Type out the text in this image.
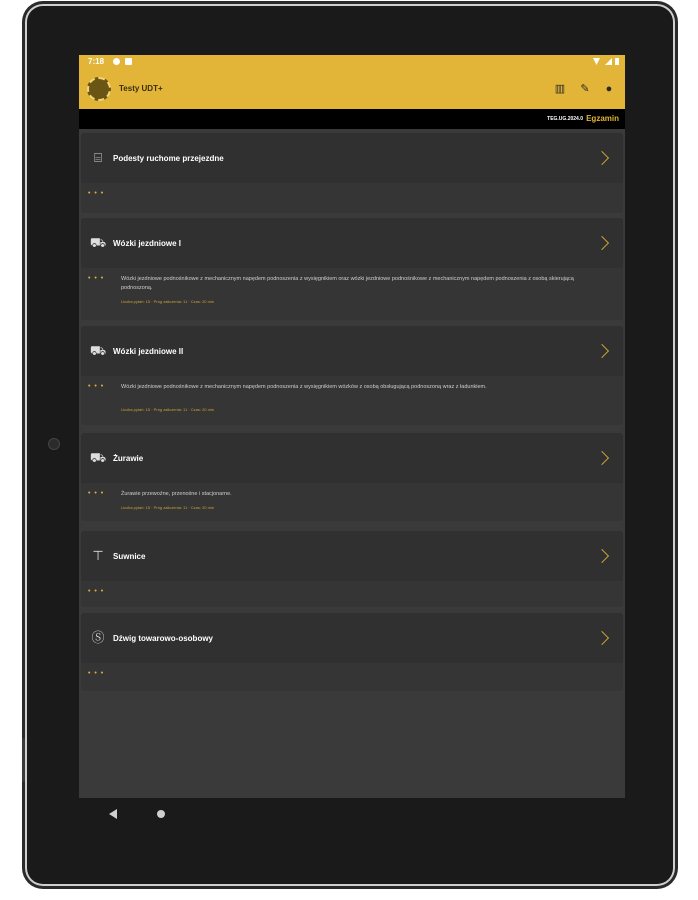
7:18
Testy UDT+	▥ ✎	●
TEG.UG.2024.0 Egzamin
⌸	Podesty ruchome przejezdne
• • •
⛟ Wózki jezdniowe I
• • •	Wózki jezdniowe podnośnikowe z mechanicznym napędem podnoszenia z wysięgnikiem oraz wózki jezdniowe podnośnikowe z mechanicznym napędem podnoszenia z osobą skierującą podnoszoną.
Liczba pytań: 15 · Próg zaliczenia: 11 · Czas: 20 min
⛟ Wózki jezdniowe II
• • •	Wózki jezdniowe podnośnikowe z mechanicznym napędem podnoszenia z wysięgnikiem wózków z osobą obsługującą podnoszoną wraz z ładunkiem.
Liczba pytań: 15 · Próg zaliczenia: 11 · Czas: 20 min
⛟ Żurawie
• • •	Żurawie przewoźne, przenośne i stacjonarne.
Liczba pytań: 15 · Próg zaliczenia: 11 · Czas: 20 min
⊤	Suwnice
• • •
Ⓢ	Dźwig towarowo-osobowy
• • •
